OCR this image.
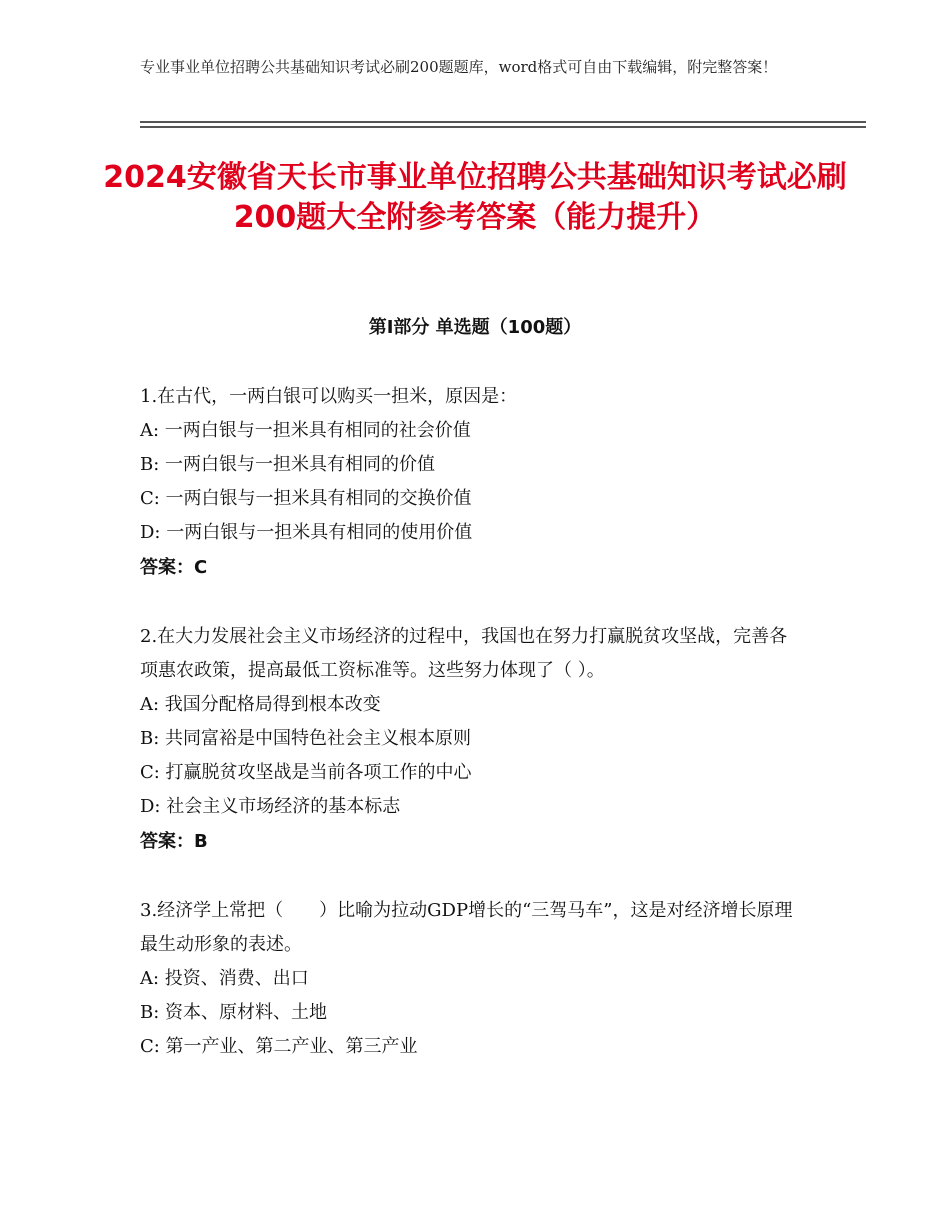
专业事业单位招聘公共基础知识考试必刷200题题库，word格式可自由下载编辑，附完整答案！
2024安徽省天长市事业单位招聘公共基础知识考试必刷200题大全附参考答案（能力提升）
第Ⅰ部分 单选题（100题）
1.在古代，一两白银可以购买一担米，原因是：
A: 一两白银与一担米具有相同的社会价值
B: 一两白银与一担米具有相同的价值
C: 一两白银与一担米具有相同的交换价值
D: 一两白银与一担米具有相同的使用价值
答案：C
2.在大力发展社会主义市场经济的过程中，我国也在努力打赢脱贫攻坚战，完善各项惠农政策，提高最低工资标准等。这些努力体现了（ ）。
A: 我国分配格局得到根本改变
B: 共同富裕是中国特色社会主义根本原则
C: 打赢脱贫攻坚战是当前各项工作的中心
D: 社会主义市场经济的基本标志
答案：B
3.经济学上常把（　　）比喻为拉动GDP增长的“三驾马车”，这是对经济增长原理最生动形象的表述。
A: 投资、消费、出口
B: 资本、原材料、土地
C: 第一产业、第二产业、第三产业
